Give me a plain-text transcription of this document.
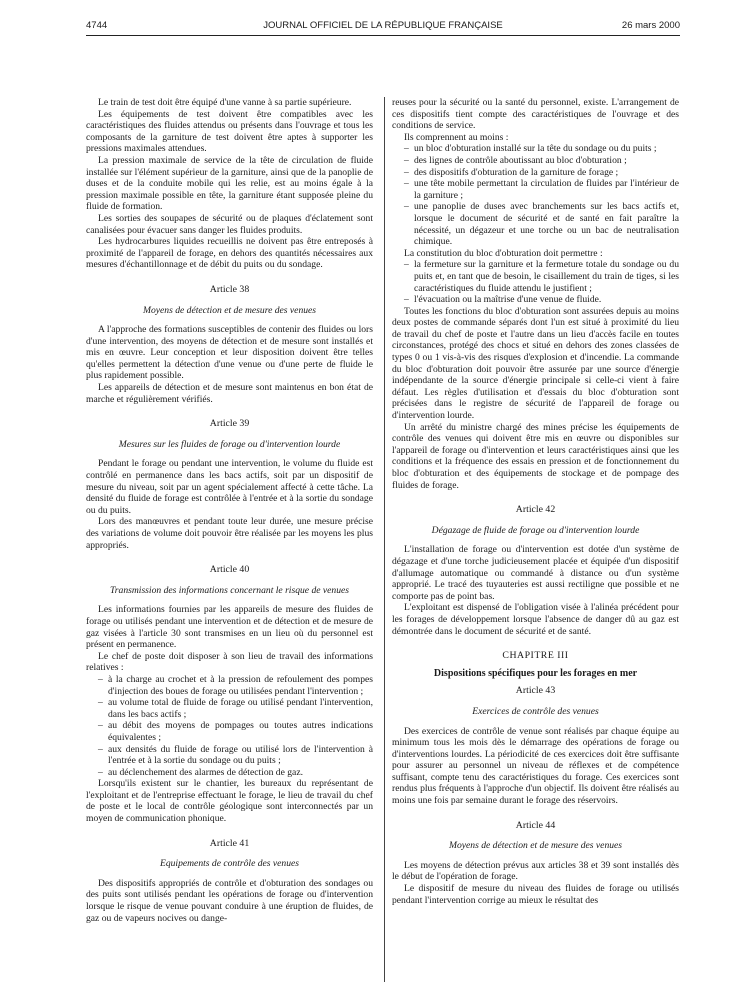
4744	JOURNAL OFFICIEL DE LA RÉPUBLIQUE FRANÇAISE	26 mars 2000

Le train de test doit être équipé d'une vanne à sa partie supérieure.

Les équipements de test doivent être compatibles avec les caractéristiques des fluides attendus ou présents dans l'ouvrage et tous les composants de la garniture de test doivent être aptes à supporter les pressions maximales attendues.

La pression maximale de service de la tête de circulation de fluide installée sur l'élément supérieur de la garniture, ainsi que de la panoplie de duses et de la conduite mobile qui les relie, est au moins égale à la pression maximale possible en tête, la garniture étant supposée pleine du fluide de formation.

Les sorties des soupapes de sécurité ou de plaques d'éclatement sont canalisées pour évacuer sans danger les fluides produits.

Les hydrocarbures liquides recueillis ne doivent pas être entreposés à proximité de l'appareil de forage, en dehors des quantités nécessaires aux mesures d'échantillonnage et de débit du puits ou du sondage.

Article 38
Moyens de détection et de mesure des venues

A l'approche des formations susceptibles de contenir des fluides ou lors d'une intervention, des moyens de détection et de mesure sont installés et mis en œuvre. Leur conception et leur disposition doivent être telles qu'elles permettent la détection d'une venue ou d'une perte de fluide le plus rapidement possible.

Les appareils de détection et de mesure sont maintenus en bon état de marche et régulièrement vérifiés.

Article 39
Mesures sur les fluides de forage ou d'intervention lourde

Pendant le forage ou pendant une intervention, le volume du fluide est contrôlé en permanence dans les bacs actifs, soit par un dispositif de mesure du niveau, soit par un agent spécialement affecté à cette tâche. La densité du fluide de forage est contrôlée à l'entrée et à la sortie du sondage ou du puits.

Lors des manœuvres et pendant toute leur durée, une mesure précise des variations de volume doit pouvoir être réalisée par les moyens les plus appropriés.

Article 40
Transmission des informations concernant le risque de venues

Les informations fournies par les appareils de mesure des fluides de forage ou utilisés pendant une intervention et de détection et de mesure de gaz visées à l'article 30 sont transmises en un lieu où du personnel est présent en permanence.

Le chef de poste doit disposer à son lieu de travail des informations relatives :

– à la charge au crochet et à la pression de refoulement des pompes d'injection des boues de forage ou utilisées pendant l'intervention ;
– au volume total de fluide de forage ou utilisé pendant l'intervention, dans les bacs actifs ;
– au débit des moyens de pompages ou toutes autres indications équivalentes ;
– aux densités du fluide de forage ou utilisé lors de l'intervention à l'entrée et à la sortie du sondage ou du puits ;
– au déclenchement des alarmes de détection de gaz.

Lorsqu'ils existent sur le chantier, les bureaux du représentant de l'exploitant et de l'entreprise effectuant le forage, le lieu de travail du chef de poste et le local de contrôle géologique sont interconnectés par un moyen de communication phonique.

Article 41
Equipements de contrôle des venues

Des dispositifs appropriés de contrôle et d'obturation des sondages ou des puits sont utilisés pendant les opérations de forage ou d'intervention lorsque le risque de venue pouvant conduire à une éruption de fluides, de gaz ou de vapeurs nocives ou dange-

reuses pour la sécurité ou la santé du personnel, existe. L'arrangement de ces dispositifs tient compte des caractéristiques de l'ouvrage et des conditions de service.

Ils comprennent au moins :

– un bloc d'obturation installé sur la tête du sondage ou du puits ;
– des lignes de contrôle aboutissant au bloc d'obturation ;
– des dispositifs d'obturation de la garniture de forage ;
– une tête mobile permettant la circulation de fluides par l'intérieur de la garniture ;
– une panoplie de duses avec branchements sur les bacs actifs et, lorsque le document de sécurité et de santé en fait paraître la nécessité, un dégazeur et une torche ou un bac de neutralisation chimique.

La constitution du bloc d'obturation doit permettre :

– la fermeture sur la garniture et la fermeture totale du sondage ou du puits et, en tant que de besoin, le cisaillement du train de tiges, si les caractéristiques du fluide attendu le justifient ;
– l'évacuation ou la maîtrise d'une venue de fluide.

Toutes les fonctions du bloc d'obturation sont assurées depuis au moins deux postes de commande séparés dont l'un est situé à proximité du lieu de travail du chef de poste et l'autre dans un lieu d'accès facile en toutes circonstances, protégé des chocs et situé en dehors des zones classées de types 0 ou 1 vis-à-vis des risques d'explosion et d'incendie. La commande du bloc d'obturation doit pouvoir être assurée par une source d'énergie indépendante de la source d'énergie principale si celle-ci vient à faire défaut. Les règles d'utilisation et d'essais du bloc d'obturation sont précisées dans le registre de sécurité de l'appareil de forage ou d'intervention lourde.

Un arrêté du ministre chargé des mines précise les équipements de contrôle des venues qui doivent être mis en œuvre ou disponibles sur l'appareil de forage ou d'intervention et leurs caractéristiques ainsi que les conditions et la fréquence des essais en pression et de fonctionnement du bloc d'obturation et des équipements de stockage et de pompage des fluides de forage.

Article 42
Dégazage de fluide de forage ou d'intervention lourde

L'installation de forage ou d'intervention est dotée d'un système de dégazage et d'une torche judicieusement placée et équipée d'un dispositif d'allumage automatique ou commandé à distance ou d'un système approprié. Le tracé des tuyauteries est aussi rectiligne que possible et ne comporte pas de point bas.

L'exploitant est dispensé de l'obligation visée à l'alinéa précédent pour les forages de développement lorsque l'absence de danger dû au gaz est démontrée dans le document de sécurité et de santé.

CHAPITRE III
Dispositions spécifiques pour les forages en mer
Article 43
Exercices de contrôle des venues

Des exercices de contrôle de venue sont réalisés par chaque équipe au minimum tous les mois dès le démarrage des opérations de forage ou d'interventions lourdes. La périodicité de ces exercices doit être suffisante pour assurer au personnel un niveau de réflexes et de compétence suffisant, compte tenu des caractéristiques du forage. Ces exercices sont rendus plus fréquents à l'approche d'un objectif. Ils doivent être réalisés au moins une fois par semaine durant le forage des réservoirs.

Article 44
Moyens de détection et de mesure des venues

Les moyens de détection prévus aux articles 38 et 39 sont installés dès le début de l'opération de forage.

Le dispositif de mesure du niveau des fluides de forage ou utilisés pendant l'intervention corrige au mieux le résultat des
